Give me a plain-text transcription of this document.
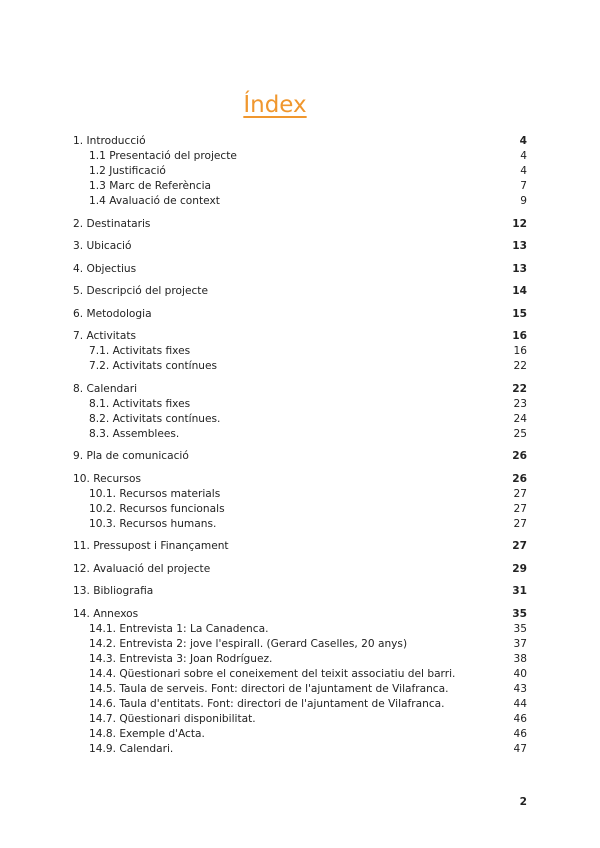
Índex
1. Introducció	4
1.1 Presentació del projecte	4
1.2 Justificació	4
1.3 Marc de Referència	7
1.4 Avaluació de context	9
2. Destinataris	12
3. Ubicació	13
4. Objectius	13
5. Descripció del projecte	14
6. Metodologia	15
7. Activitats	16
7.1. Activitats fixes	16
7.2. Activitats contínues	22
8. Calendari	22
8.1. Activitats fixes	23
8.2. Activitats contínues.	24
8.3. Assemblees.	25
9. Pla de comunicació	26
10. Recursos	26
10.1. Recursos materials	27
10.2. Recursos funcionals	27
10.3. Recursos humans.	27
11. Pressupost i Finançament	27
12. Avaluació del projecte	29
13. Bibliografia	31
14. Annexos	35
14.1. Entrevista 1: La Canadenca.	35
14.2. Entrevista 2: jove l'espirall. (Gerard Caselles, 20 anys)	37
14.3. Entrevista 3: Joan Rodríguez.	38
14.4. Qüestionari sobre el coneixement del teixit associatiu del barri.	40
14.5. Taula de serveis. Font: directori de l'ajuntament de Vilafranca.	43
14.6. Taula d'entitats. Font: directori de l'ajuntament de Vilafranca.	44
14.7. Qüestionari disponibilitat.	46
14.8. Exemple d'Acta.	46
14.9. Calendari.	47
2
